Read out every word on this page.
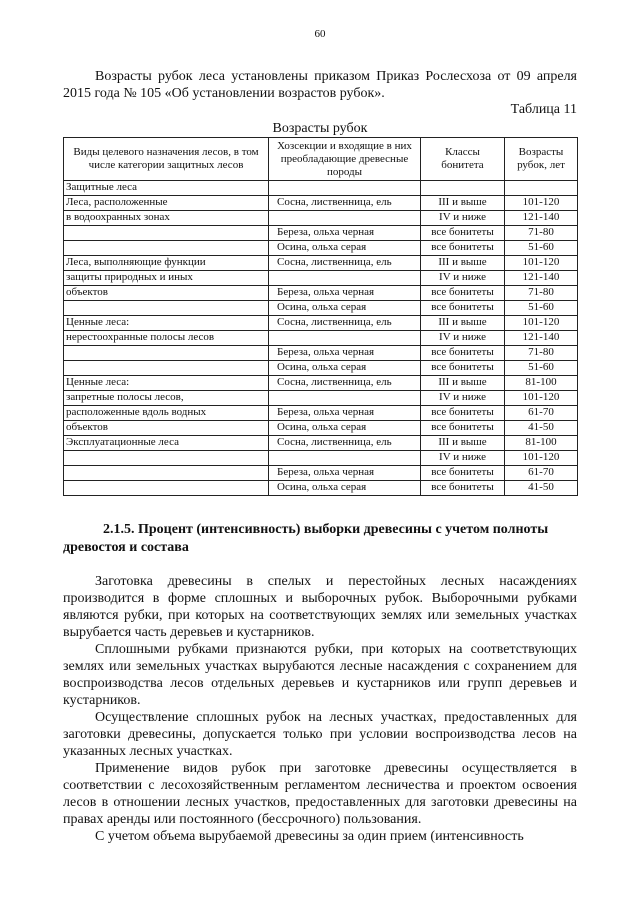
60

Возрасты рубок леса установлены приказом Приказ Рослесхоза от 09 апреля 2015 года № 105 «Об установлении возрастов рубок».

Таблица 11
Возрасты рубок
Виды целевого назначения лесов, в том числе категории защитных лесов	Хозсекции и входящие в них преобладающие древесные породы	Классы бонитета	Возрасты рубок, лет
Защитные леса			
Леса, расположенные	Сосна, лиственница, ель	III и выше	101-120
в водоохранных зонах		IV и ниже	121-140
	Береза, ольха черная	все бонитеты	71-80
	Осина, ольха серая	все бонитеты	51-60
Леса, выполняющие функции	Сосна, лиственница, ель	III и выше	101-120
защиты природных и иных		IV и ниже	121-140
объектов	Береза, ольха черная	все бонитеты	71-80
	Осина, ольха серая	все бонитеты	51-60
Ценные леса:	Сосна, лиственница, ель	III и выше	101-120
нерестоохранные полосы лесов		IV и ниже	121-140
	Береза, ольха черная	все бонитеты	71-80
	Осина, ольха серая	все бонитеты	51-60
Ценные леса:	Сосна, лиственница, ель	III и выше	81-100
запретные полосы лесов,		IV и ниже	101-120
расположенные вдоль водных	Береза, ольха черная	все бонитеты	61-70
объектов	Осина, ольха серая	все бонитеты	41-50
Эксплуатационные леса	Сосна, лиственница, ель	III и выше	81-100
		IV и ниже	101-120
	Береза, ольха черная	все бонитеты	61-70
	Осина, ольха серая	все бонитеты	41-50

2.1.5. Процент (интенсивность) выборки древесины с учетом полноты древостоя и состава

Заготовка древесины в спелых и перестойных лесных насаждениях производится в форме сплошных и выборочных рубок. Выборочными рубками являются рубки, при которых на соответствующих землях или земельных участках вырубается часть деревьев и кустарников.

Сплошными рубками признаются рубки, при которых на соответствующих землях или земельных участках вырубаются лесные насаждения с сохранением для воспроизводства лесов отдельных деревьев и кустарников или групп деревьев и кустарников.

Осуществление сплошных рубок на лесных участках, предоставленных для заготовки древесины, допускается только при условии воспроизводства лесов на указанных лесных участках.

Применение видов рубок при заготовке древесины осуществляется в соответствии с лесохозяйственным регламентом лесничества и проектом освоения лесов в отношении лесных участков, предоставленных для заготовки древесины на правах аренды или постоянного (бессрочного) пользования.

С учетом объема вырубаемой древесины за один прием (интенсивность
